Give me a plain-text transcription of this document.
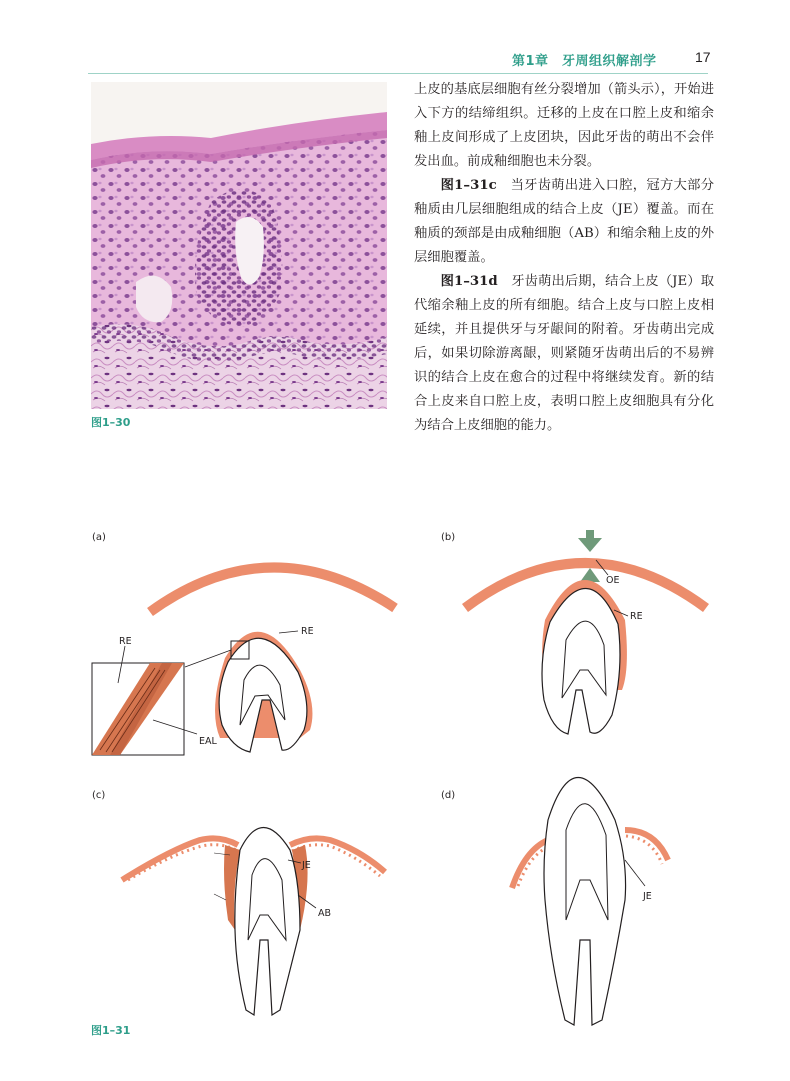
第1章　牙周组织解剖学	17
图1–30

上皮的基底层细胞有丝分裂增加（箭头示），开始进入下方的结缔组织。迁移的上皮在口腔上皮和缩余釉上皮间形成了上皮团块，因此牙齿的萌出不会伴发出血。前成釉细胞也未分裂。

图1–31c　 当牙齿萌出进入口腔，冠方大部分釉质由几层细胞组成的结合上皮（JE）覆盖。而在釉质的颈部是由成釉细胞（AB）和缩余釉上皮的外层细胞覆盖。

图1–31d　 牙齿萌出后期，结合上皮（JE）取代缩余釉上皮的所有细胞。结合上皮与口腔上皮相延续，并且提供牙与牙龈间的附着。牙齿萌出完成后，如果切除游离龈，则紧随牙齿萌出后的不易辨识的结合上皮在愈合的过程中将继续发育。新的结合上皮来自口腔上皮，表明口腔上皮细胞具有分化为结合上皮细胞的能力。

(a)
RE
RE
EAL
(b)
OE
RE
(c)
JE
AB
(d)
JE
图1–31
